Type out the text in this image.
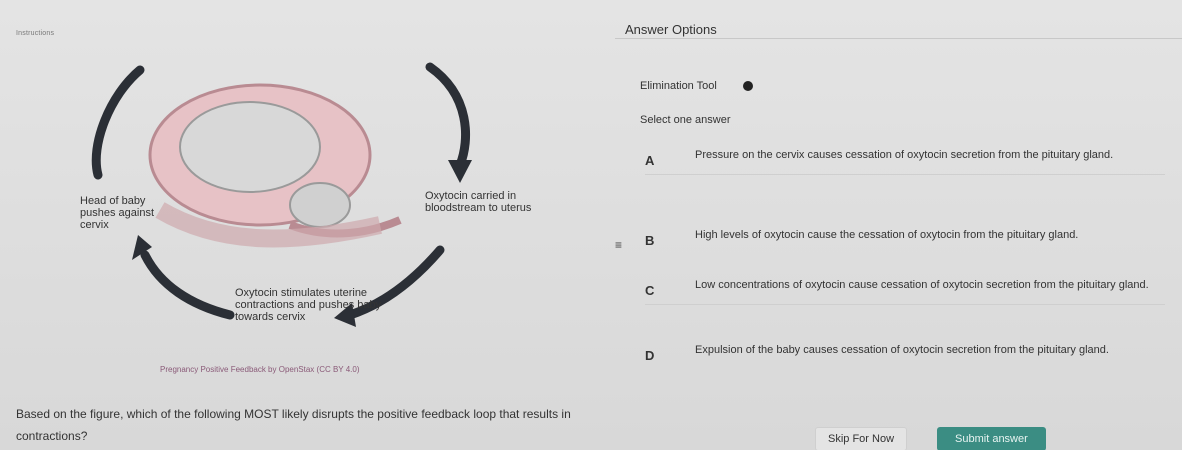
Instructions
Head of baby pushes against cervix
Oxytocin carried in bloodstream to uterus
Oxytocin stimulates uterine contractions and pushes baby towards cervix
Pregnancy Positive Feedback by OpenStax (CC BY 4.0)
Based on the figure, which of the following MOST likely disrupts the positive feedback loop that results in contractions?
Answer Options
Elimination Tool
Select one answer
A	Pressure on the cervix causes cessation of oxytocin secretion from the pituitary gland.
≡ B	High levels of oxytocin cause the cessation of oxytocin from the pituitary gland.
C	Low concentrations of oxytocin cause cessation of oxytocin secretion from the pituitary gland.
D	Expulsion of the baby causes cessation of oxytocin secretion from the pituitary gland.
Skip For Now	Submit answer
